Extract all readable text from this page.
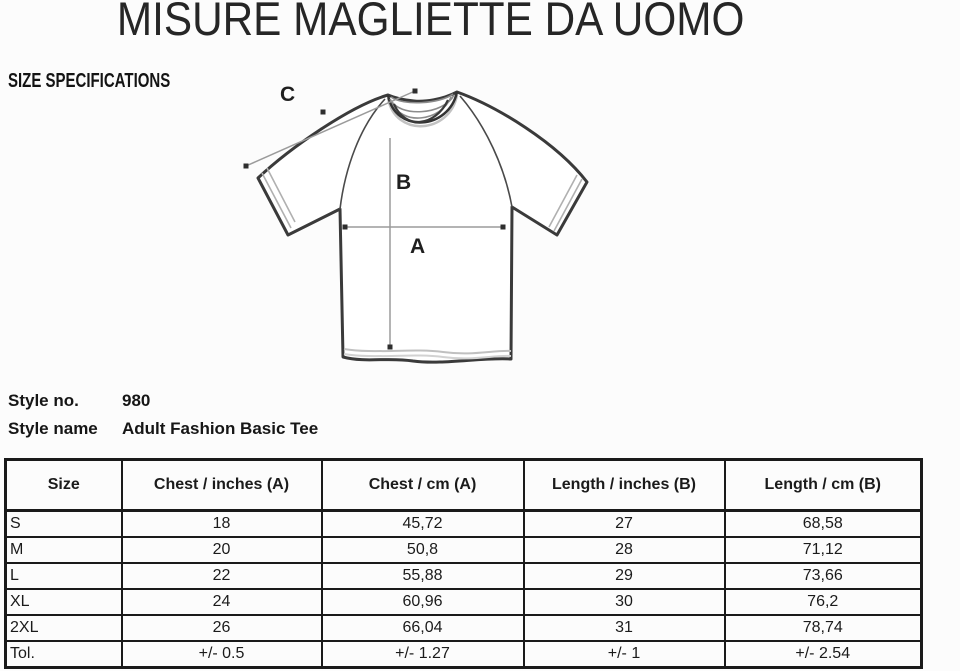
MISURE MAGLIETTE DA UOMO
SIZE SPECIFICATIONS
A
B
C
Style no.	980
Style name	Adult Fashion Basic Tee
Size	Chest / inches (A)	Chest / cm (A)	Length / inches (B)	Length / cm (B)
S	18	45,72	27	68,58
M	20	50,8	28	71,12
L	22	55,88	29	73,66
XL	24	60,96	30	76,2
2XL	26	66,04	31	78,74
Tol.	+/- 0.5	+/- 1.27	+/- 1	+/- 2.54
